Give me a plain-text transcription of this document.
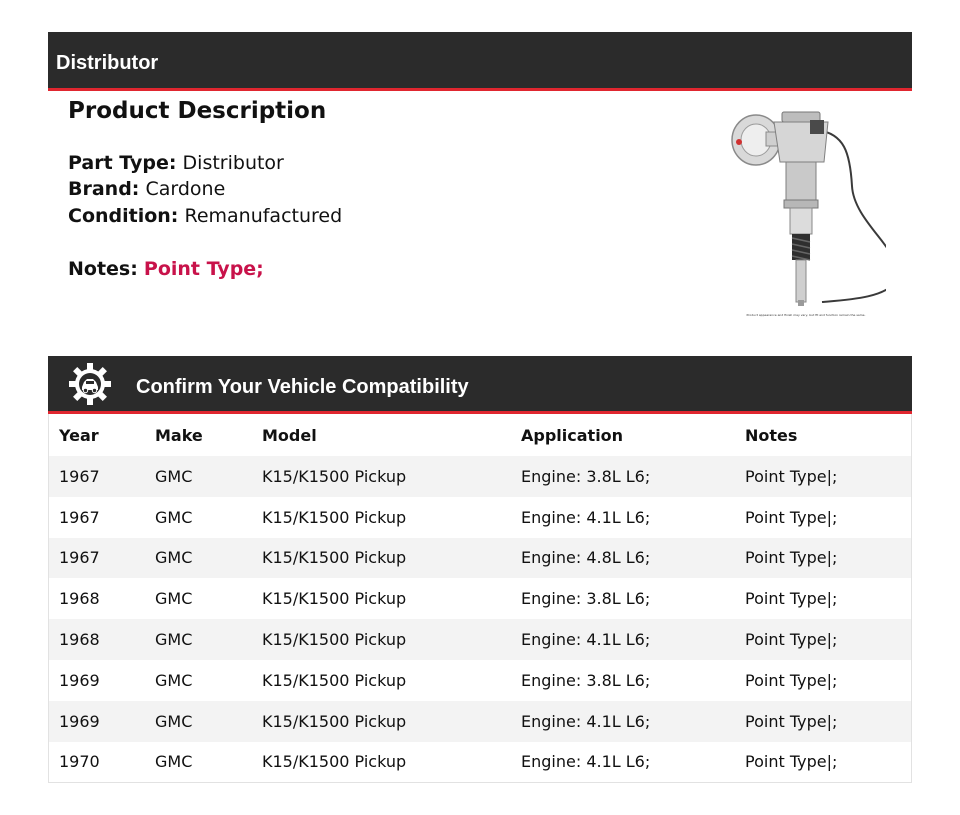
Distributor
Product Description
Part Type: Distributor
Brand: Cardone
Condition: Remanufactured
Notes: Point Type;
Product appearance and finish may vary, but fit and function remain the same.
Confirm Your Vehicle Compatibility
Year	Make	Model	Application	Notes
1967	GMC	K15/K1500 Pickup	Engine: 3.8L L6;	Point Type|;
1967	GMC	K15/K1500 Pickup	Engine: 4.1L L6;	Point Type|;
1967	GMC	K15/K1500 Pickup	Engine: 4.8L L6;	Point Type|;
1968	GMC	K15/K1500 Pickup	Engine: 3.8L L6;	Point Type|;
1968	GMC	K15/K1500 Pickup	Engine: 4.1L L6;	Point Type|;
1969	GMC	K15/K1500 Pickup	Engine: 3.8L L6;	Point Type|;
1969	GMC	K15/K1500 Pickup	Engine: 4.1L L6;	Point Type|;
1970	GMC	K15/K1500 Pickup	Engine: 4.1L L6;	Point Type|;
